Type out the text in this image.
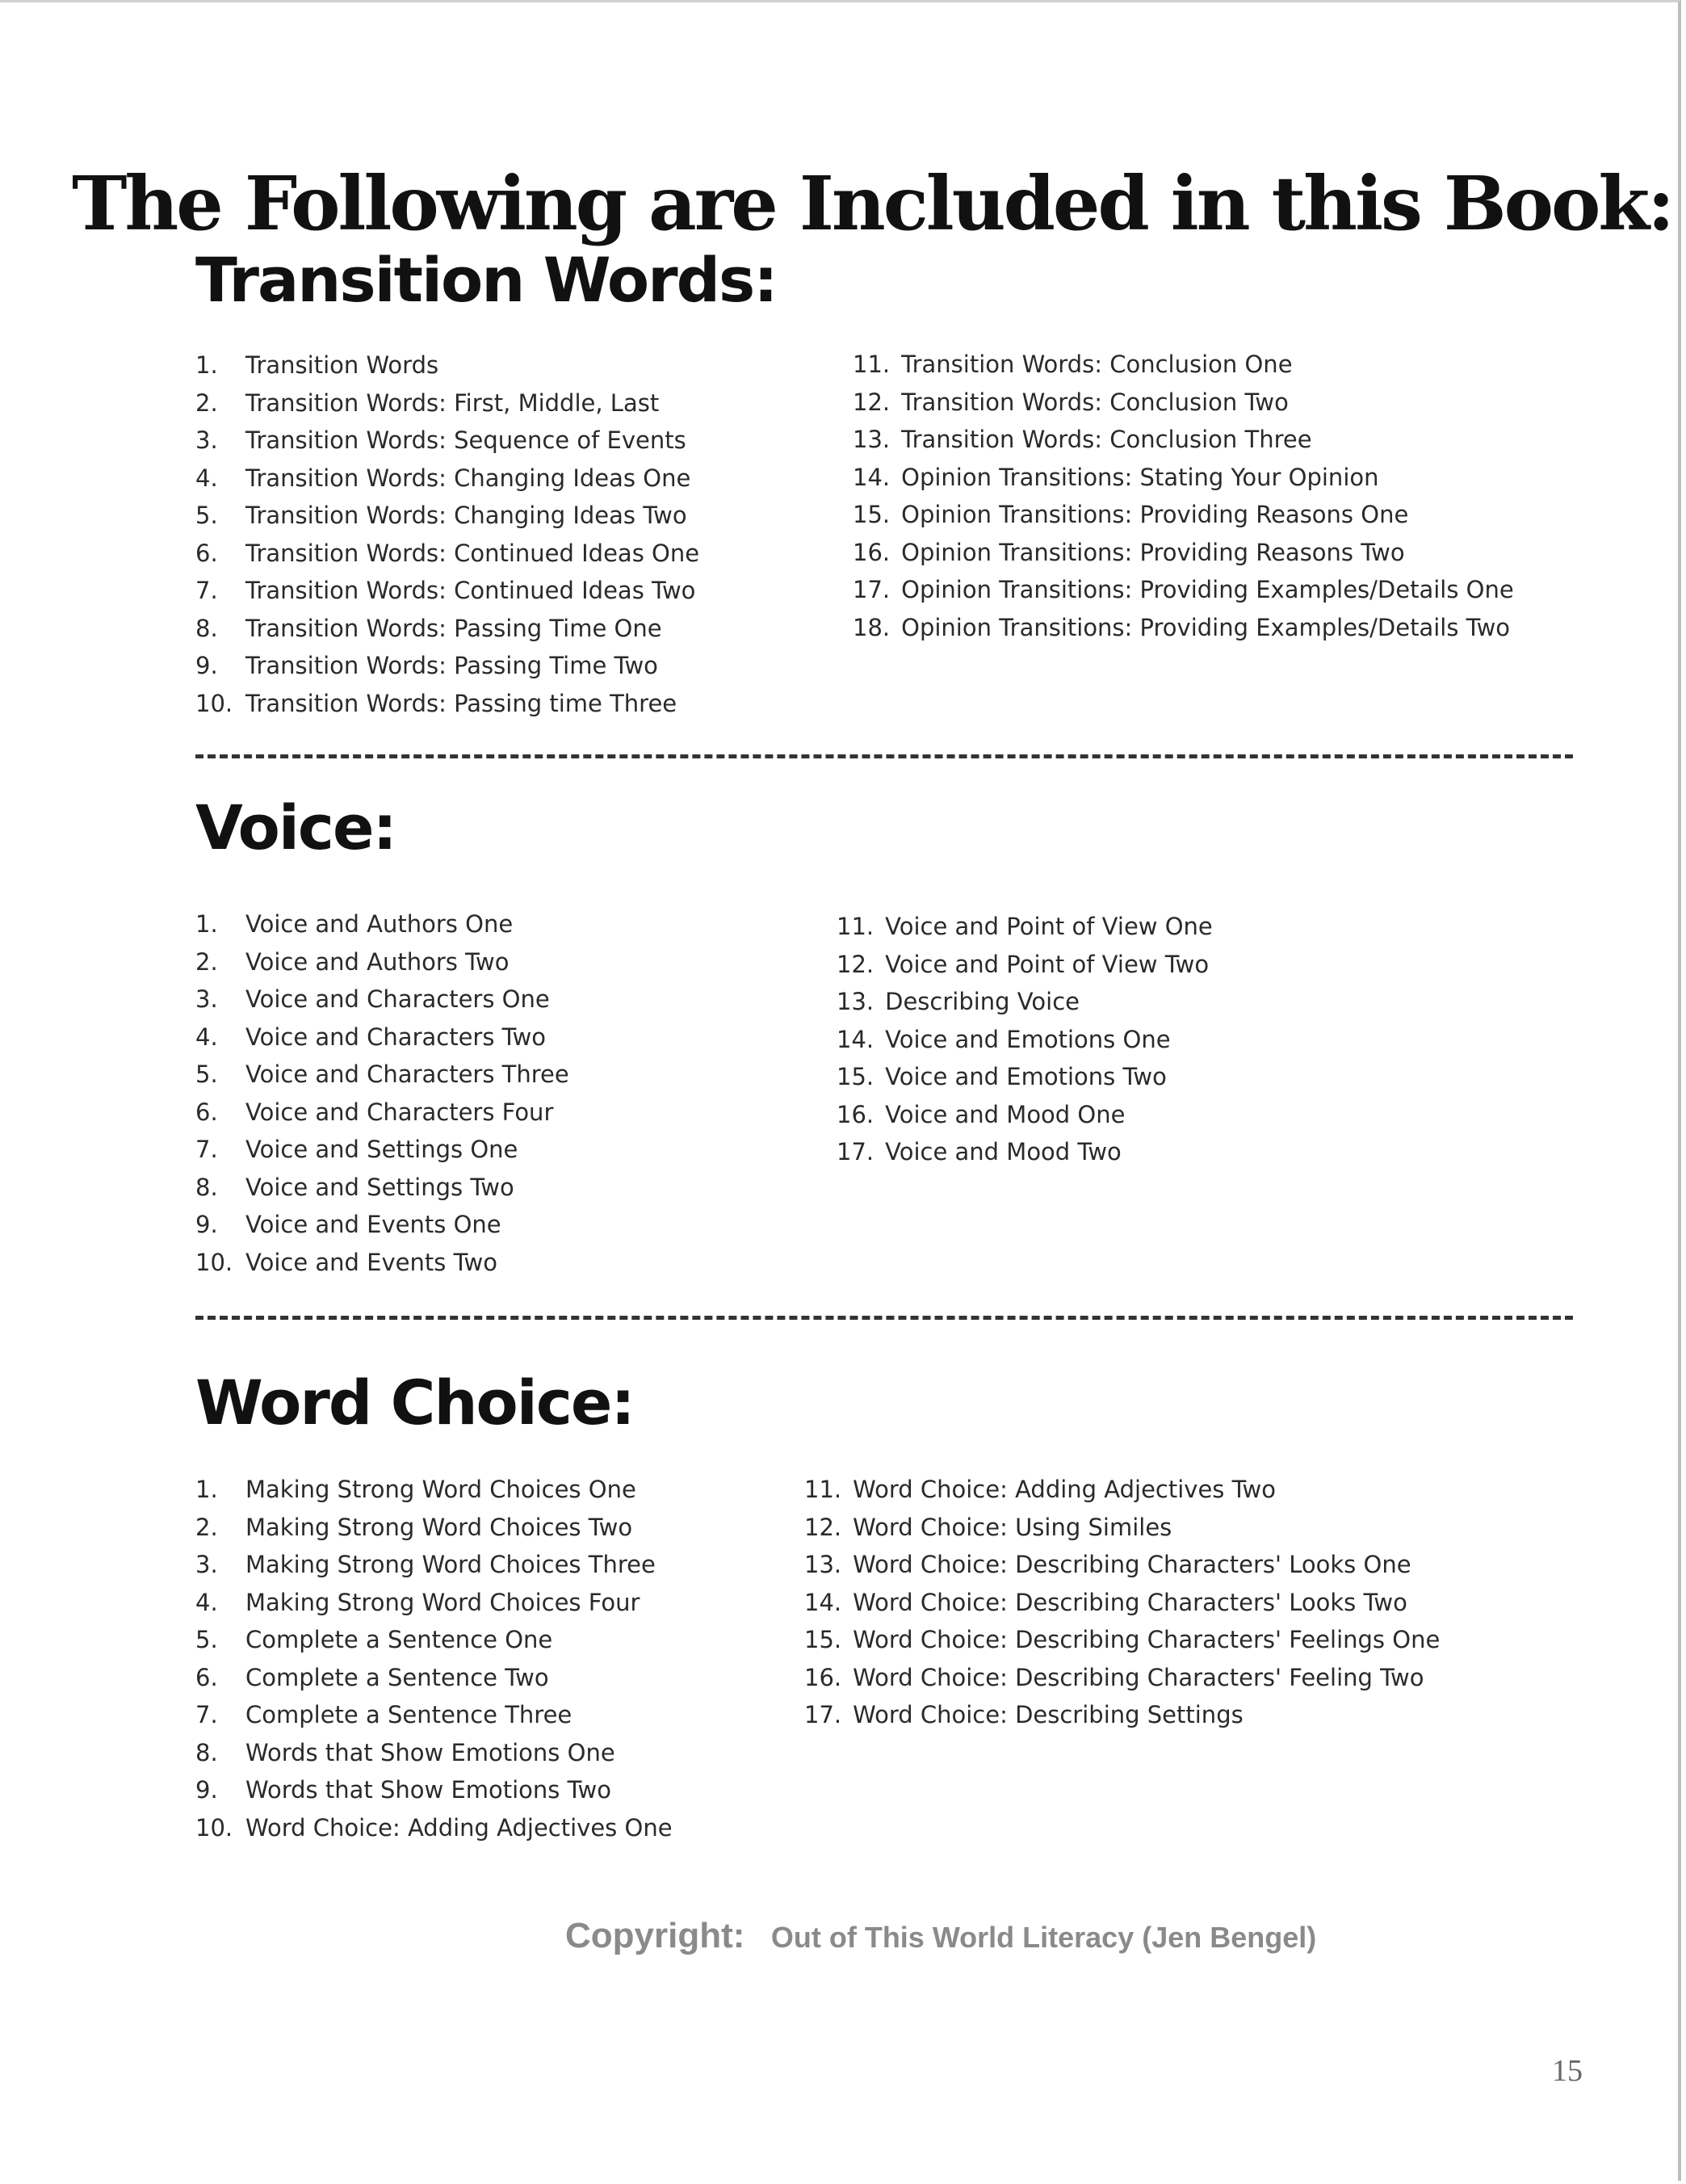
The Following are Included in this Book:
Transition Words:
1. Transition Words
2. Transition Words: First, Middle, Last
3. Transition Words: Sequence of Events
4. Transition Words: Changing Ideas One
5. Transition Words: Changing Ideas Two
6. Transition Words: Continued Ideas One
7. Transition Words: Continued Ideas Two
8. Transition Words: Passing Time One
9. Transition Words: Passing Time Two
10. Transition Words: Passing time Three
11. Transition Words: Conclusion One
12. Transition Words: Conclusion Two
13. Transition Words: Conclusion Three
14. Opinion Transitions: Stating Your Opinion
15. Opinion Transitions: Providing Reasons One
16. Opinion Transitions: Providing Reasons Two
17. Opinion Transitions: Providing Examples/Details One
18. Opinion Transitions: Providing Examples/Details Two
Voice:
1. Voice and Authors One
2. Voice and Authors Two
3. Voice and Characters One
4. Voice and Characters Two
5. Voice and Characters Three
6. Voice and Characters Four
7. Voice and Settings One
8. Voice and Settings Two
9. Voice and Events One
10. Voice and Events Two
11. Voice and Point of View One
12. Voice and Point of View Two
13. Describing Voice
14. Voice and Emotions One
15. Voice and Emotions Two
16. Voice and Mood One
17. Voice and Mood Two
Word Choice:
1. Making Strong Word Choices One
2. Making Strong Word Choices Two
3. Making Strong Word Choices Three
4. Making Strong Word Choices Four
5. Complete a Sentence One
6. Complete a Sentence Two
7. Complete a Sentence Three
8. Words that Show Emotions One
9. Words that Show Emotions Two
10. Word Choice: Adding Adjectives One
11. Word Choice: Adding Adjectives Two
12. Word Choice: Using Similes
13. Word Choice: Describing Characters' Looks One
14. Word Choice: Describing Characters' Looks Two
15. Word Choice: Describing Characters' Feelings One
16. Word Choice: Describing Characters' Feeling Two
17. Word Choice: Describing Settings
Copyright: Out of This World Literacy (Jen Bengel)
15
